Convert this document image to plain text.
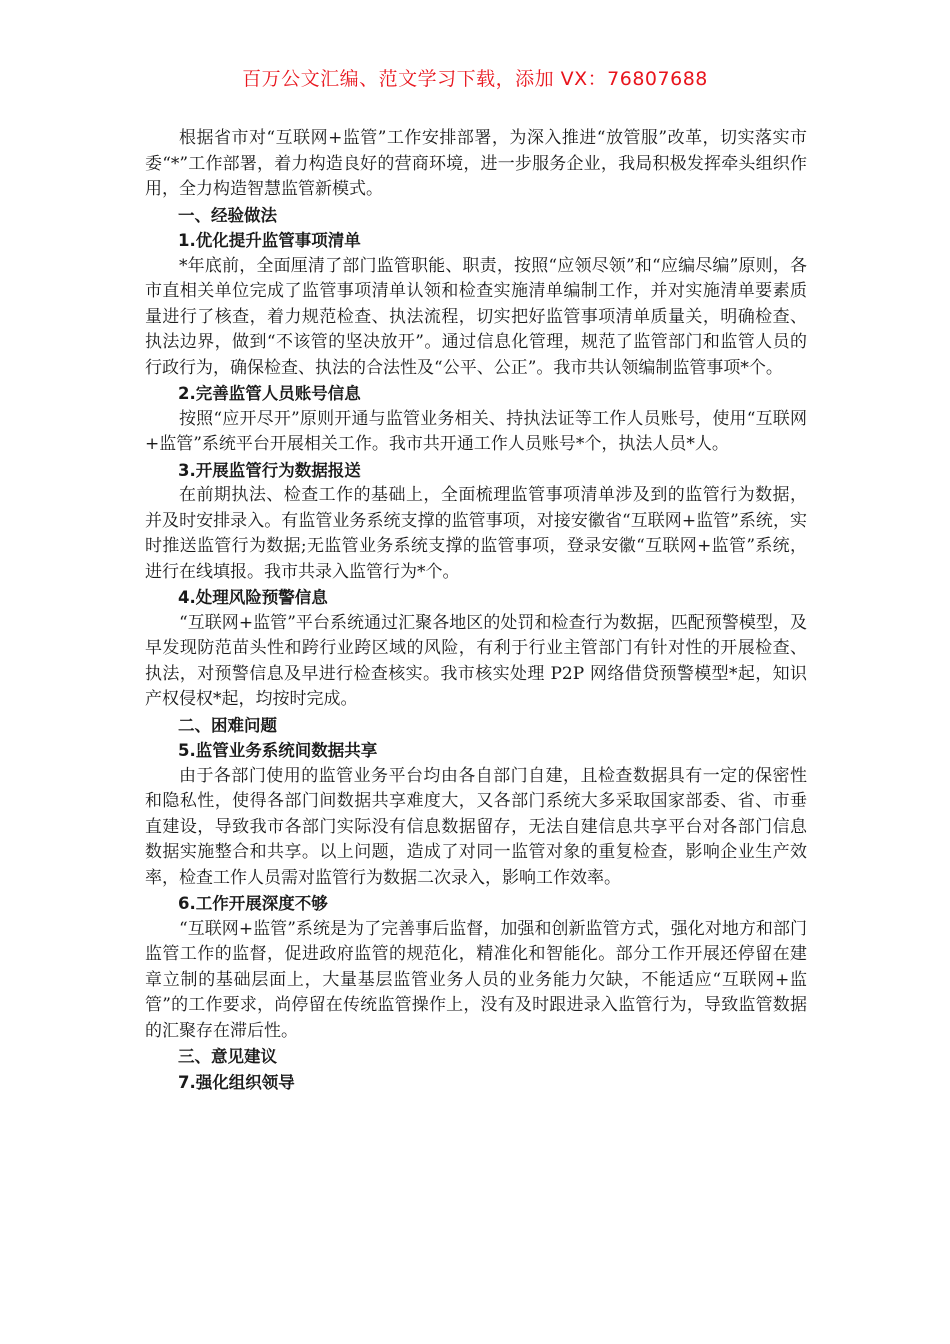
百万公文汇编、范文学习下载，添加 VX：76807688

根据省市对“互联网+监管”工作安排部署，为深入推进“放管服”改革，切实落实市委“*”工作部署，着力构造良好的营商环境，进一步服务企业，我局积极发挥牵头组织作用，全力构造智慧监管新模式。

一、经验做法

1.优化提升监管事项清单

*年底前，全面厘清了部门监管职能、职责，按照“应领尽领”和“应编尽编”原则，各市直相关单位完成了监管事项清单认领和检查实施清单编制工作，并对实施清单要素质量进行了核查，着力规范检查、执法流程，切实把好监管事项清单质量关，明确检查、执法边界，做到“不该管的坚决放开”。通过信息化管理，规范了监管部门和监管人员的行政行为，确保检查、执法的合法性及“公平、公正”。我市共认领编制监管事项*个。

2.完善监管人员账号信息

按照“应开尽开”原则开通与监管业务相关、持执法证等工作人员账号，使用“互联网+监管”系统平台开展相关工作。我市共开通工作人员账号*个，执法人员*人。

3.开展监管行为数据报送

在前期执法、检查工作的基础上，全面梳理监管事项清单涉及到的监管行为数据，并及时安排录入。有监管业务系统支撑的监管事项，对接安徽省“互联网+监管”系统，实时推送监管行为数据;无监管业务系统支撑的监管事项，登录安徽“互联网+监管”系统，进行在线填报。我市共录入监管行为*个。

4.处理风险预警信息

“互联网+监管”平台系统通过汇聚各地区的处罚和检查行为数据，匹配预警模型，及早发现防范苗头性和跨行业跨区域的风险，有利于行业主管部门有针对性的开展检查、执法，对预警信息及早进行检查核实。我市核实处理 P2P 网络借贷预警模型*起，知识产权侵权*起，均按时完成。

二、困难问题

5.监管业务系统间数据共享

由于各部门使用的监管业务平台均由各自部门自建，且检查数据具有一定的保密性和隐私性，使得各部门间数据共享难度大，又各部门系统大多采取国家部委、省、市垂直建设，导致我市各部门实际没有信息数据留存，无法自建信息共享平台对各部门信息数据实施整合和共享。以上问题，造成了对同一监管对象的重复检查，影响企业生产效率，检查工作人员需对监管行为数据二次录入，影响工作效率。

6.工作开展深度不够

“互联网+监管”系统是为了完善事后监督，加强和创新监管方式，强化对地方和部门监管工作的监督，促进政府监管的规范化，精准化和智能化。部分工作开展还停留在建章立制的基础层面上，大量基层监管业务人员的业务能力欠缺，不能适应“互联网+监管”的工作要求，尚停留在传统监管操作上，没有及时跟进录入监管行为，导致监管数据的汇聚存在滞后性。

三、意见建议

7.强化组织领导
